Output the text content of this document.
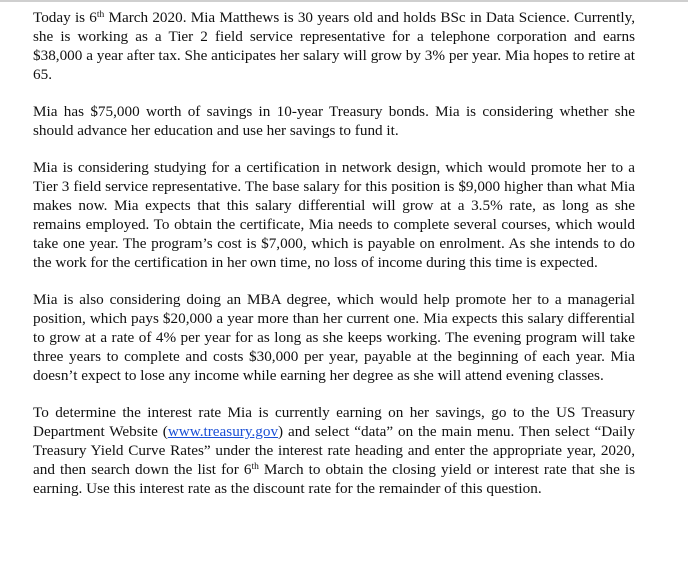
Today is 6th March 2020. Mia Matthews is 30 years old and holds BSc in Data Science. Currently, she is working as a Tier 2 field service representative for a telephone corporation and earns $38,000 a year after tax. She anticipates her salary will grow by 3% per year. Mia hopes to retire at 65.

Mia has $75,000 worth of savings in 10-year Treasury bonds. Mia is considering whether she should advance her education and use her savings to fund it.

Mia is considering studying for a certification in network design, which would promote her to a Tier 3 field service representative. The base salary for this position is $9,000 higher than what Mia makes now. Mia expects that this salary differential will grow at a 3.5% rate, as long as she remains employed. To obtain the certificate, Mia needs to complete several courses, which would take one year. The program’s cost is $7,000, which is payable on enrolment. As she intends to do the work for the certification in her own time, no loss of income during this time is expected.

Mia is also considering doing an MBA degree, which would help promote her to a managerial position, which pays $20,000 a year more than her current one. Mia expects this salary differential to grow at a rate of 4% per year for as long as she keeps working. The evening program will take three years to complete and costs $30,000 per year, payable at the beginning of each year. Mia doesn’t expect to lose any income while earning her degree as she will attend evening classes.

To determine the interest rate Mia is currently earning on her savings, go to the US Treasury Department Website (www.treasury.gov) and select “data” on the main menu. Then select “Daily Treasury Yield Curve Rates” under the interest rate heading and enter the appropriate year, 2020, and then search down the list for 6th March to obtain the closing yield or interest rate that she is earning. Use this interest rate as the discount rate for the remainder of this question.
